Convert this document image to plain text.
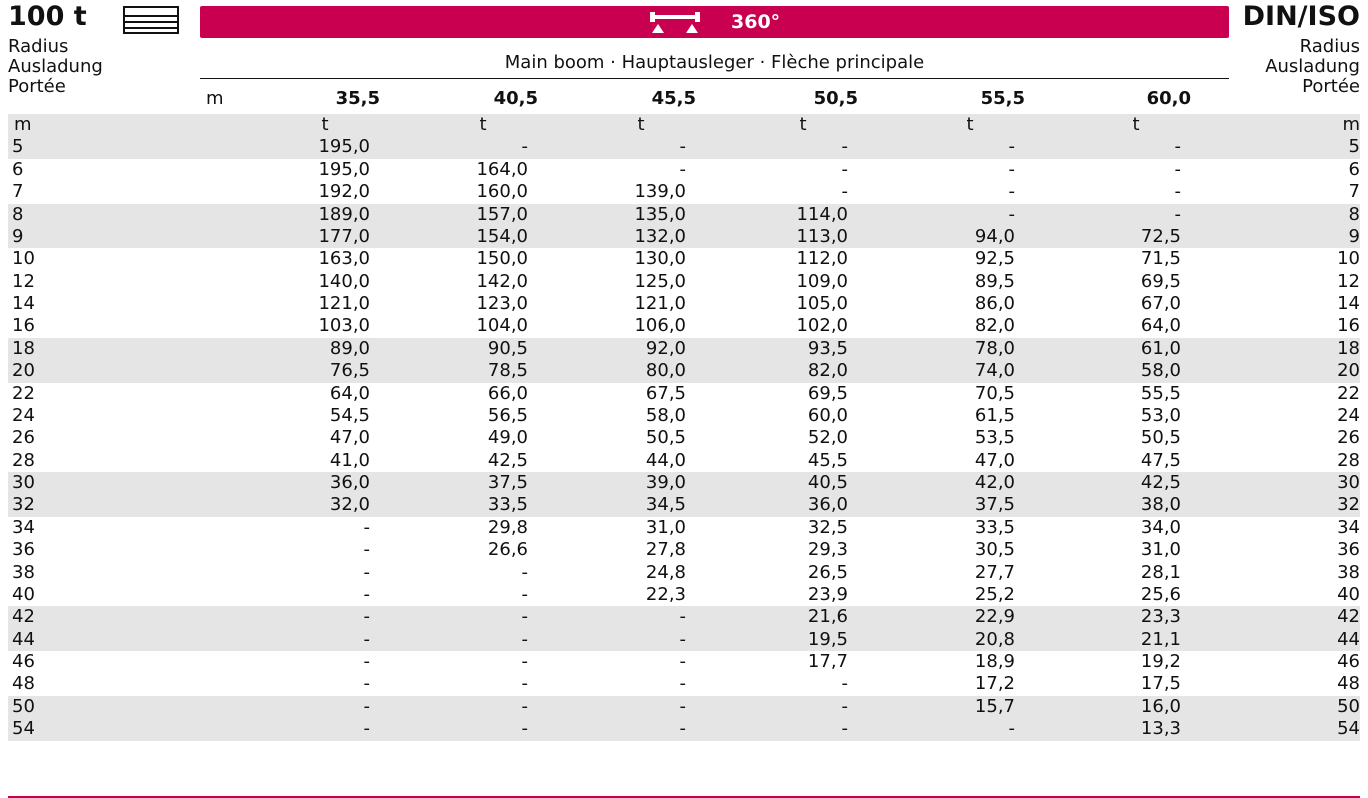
100 t	360°	DIN/ISO
Radius
Ausladung
Portée
Radius
Ausladung
Portée
Main boom · Hauptausleger · Flèche principale
m	35,5	40,5	45,5	50,5	55,5	60,0
m	t	t	t	t	t	t	m
5	195,0	-	-	-	-	-	5
6	195,0	164,0	-	-	-	-	6
7	192,0	160,0	139,0	-	-	-	7
8	189,0	157,0	135,0	114,0	-	-	8
9	177,0	154,0	132,0	113,0	94,0	72,5	9
10	163,0	150,0	130,0	112,0	92,5	71,5	10
12	140,0	142,0	125,0	109,0	89,5	69,5	12
14	121,0	123,0	121,0	105,0	86,0	67,0	14
16	103,0	104,0	106,0	102,0	82,0	64,0	16
18	89,0	90,5	92,0	93,5	78,0	61,0	18
20	76,5	78,5	80,0	82,0	74,0	58,0	20
22	64,0	66,0	67,5	69,5	70,5	55,5	22
24	54,5	56,5	58,0	60,0	61,5	53,0	24
26	47,0	49,0	50,5	52,0	53,5	50,5	26
28	41,0	42,5	44,0	45,5	47,0	47,5	28
30	36,0	37,5	39,0	40,5	42,0	42,5	30
32	32,0	33,5	34,5	36,0	37,5	38,0	32
34	-	29,8	31,0	32,5	33,5	34,0	34
36	-	26,6	27,8	29,3	30,5	31,0	36
38	-	-	24,8	26,5	27,7	28,1	38
40	-	-	22,3	23,9	25,2	25,6	40
42	-	-	-	21,6	22,9	23,3	42
44	-	-	-	19,5	20,8	21,1	44
46	-	-	-	17,7	18,9	19,2	46
48	-	-	-	-	17,2	17,5	48
50	-	-	-	-	15,7	16,0	50
54	-	-	-	-	-	13,3	54
